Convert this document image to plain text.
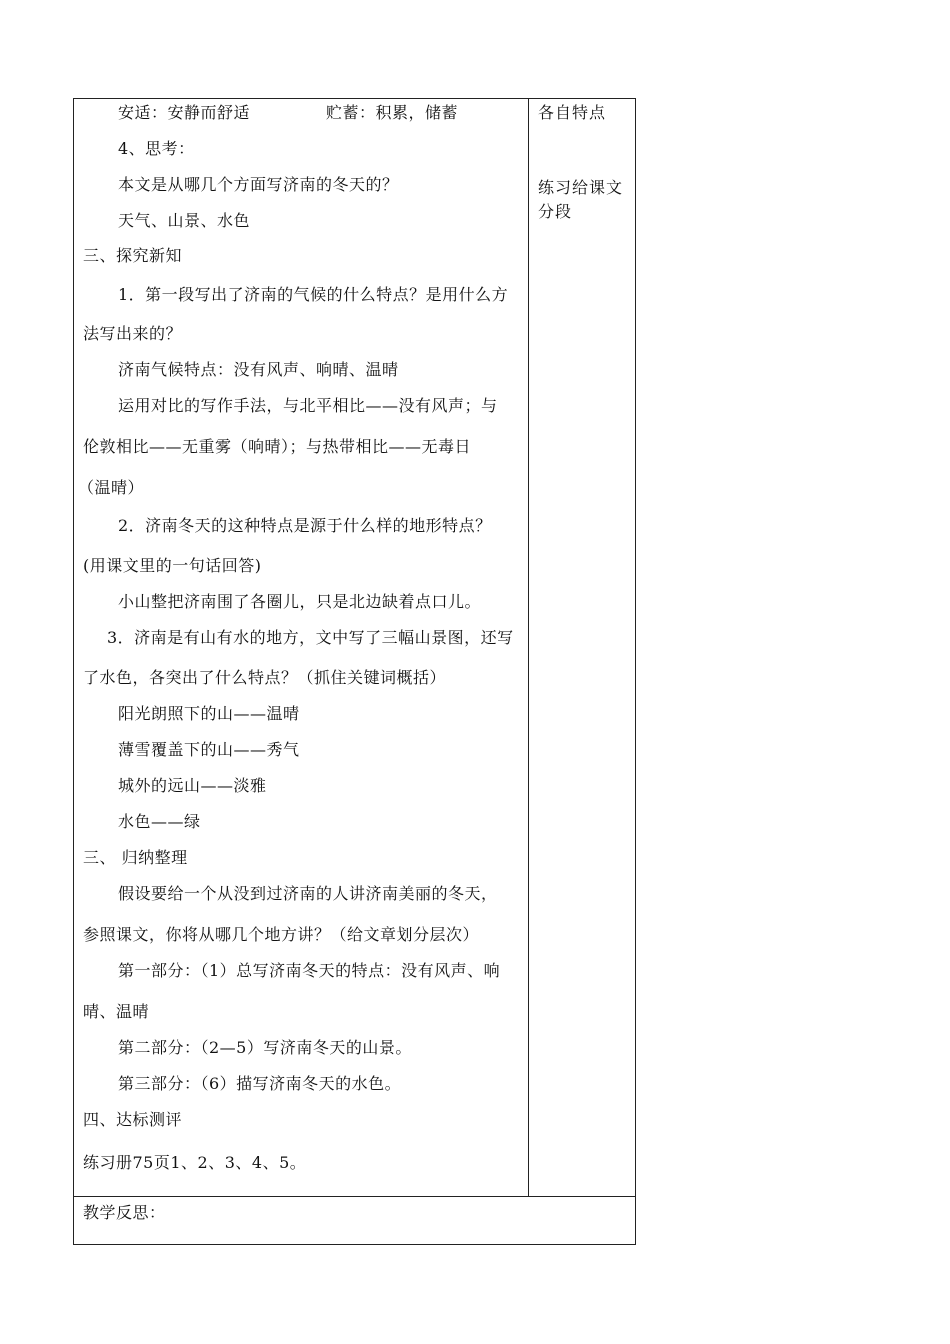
安适：安静而舒适	贮蓄：积累，储蓄
4、思考：
本文是从哪几个方面写济南的冬天的？
天气、山景、水色
三、探究新知
1．第一段写出了济南的气候的什么特点？是用什么方
法写出来的？
济南气候特点：没有风声、响晴、温晴
运用对比的写作手法，与北平相比——没有风声；与
伦敦相比——无重雾（响晴）；与热带相比——无毒日
（温晴）
2．济南冬天的这种特点是源于什么样的地形特点？
(用课文里的一句话回答)
小山整把济南围了各圈儿，只是北边缺着点口儿。
3．济南是有山有水的地方，文中写了三幅山景图，还写
了水色，各突出了什么特点？（抓住关键词概括）
阳光朗照下的山——温晴
薄雪覆盖下的山——秀气
城外的远山——淡雅
水色——绿
三、 归纳整理
假设要给一个从没到过济南的人讲济南美丽的冬天，
参照课文，你将从哪几个地方讲？（给文章划分层次）
第一部分：（1）总写济南冬天的特点：没有风声、响
晴、温晴
第二部分：（2—5）写济南冬天的山景。
第三部分：（6）描写济南冬天的水色。
四、达标测评
练习册75页1、2、3、4、5。
各自特点
练习给课文分段
教学反思：
